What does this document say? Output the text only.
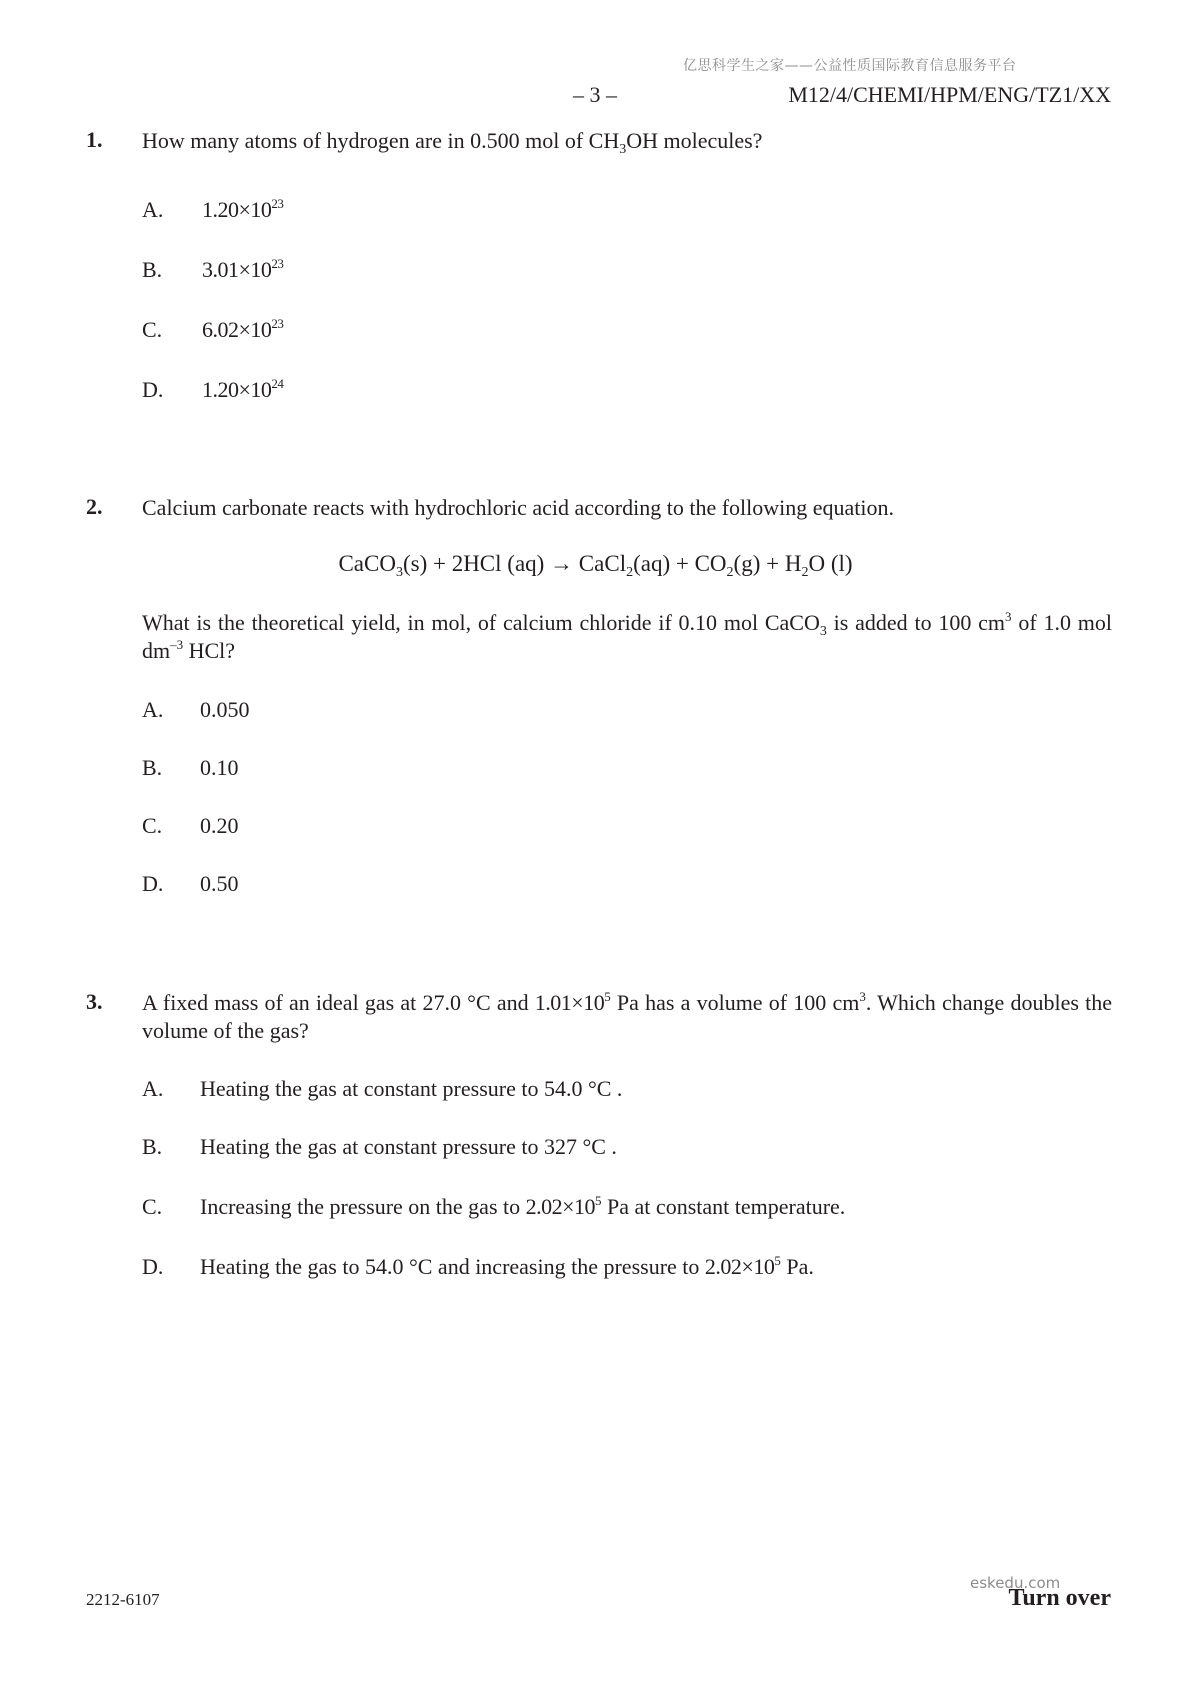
亿思科学生之家——公益性质国际教育信息服务平台
– 3 –	M12/4/CHEMI/HPM/ENG/TZ1/XX
1. How many atoms of hydrogen are in 0.500 mol of $CH_3OH$ molecules?
A. $1.20\times 10^{23}$
B. $3.01\times 10^{23}$
C. $6.02\times 10^{23}$
D. $1.20\times 10^{24}$
2. Calcium carbonate reacts with hydrochloric acid according to the following equation.
CaCO$_3$(s) + 2HCl (aq) → CaCl$_2$(aq) + $CO_2(g) + H_2O$ (l)
What is the theoretical yield, in mol, of calcium chloride if 0.10 mol CaCO$_3$ is added to 100 $cm^3$ of 1.0 mol $dm^{-3}$ HCl?
A. 0.050
B. 0.10
C. 0.20
D. 0.50
3. A fixed mass of an ideal gas at 27.0 °C and $1.01\times 10^5$ Pa has a volume of 100 $cm^3$. Which change doubles the volume of the gas?
A. Heating the gas at constant pressure to 54.0 °C .
B. Heating the gas at constant pressure to 327 °C .
C. Increasing the pressure on the gas to $2.02\times 10^5$ Pa at constant temperature.
D. Heating the gas to 54.0 °C and increasing the pressure to $2.02\times 10^5$ Pa.
2212-6107
eskedu.com
Turn over
